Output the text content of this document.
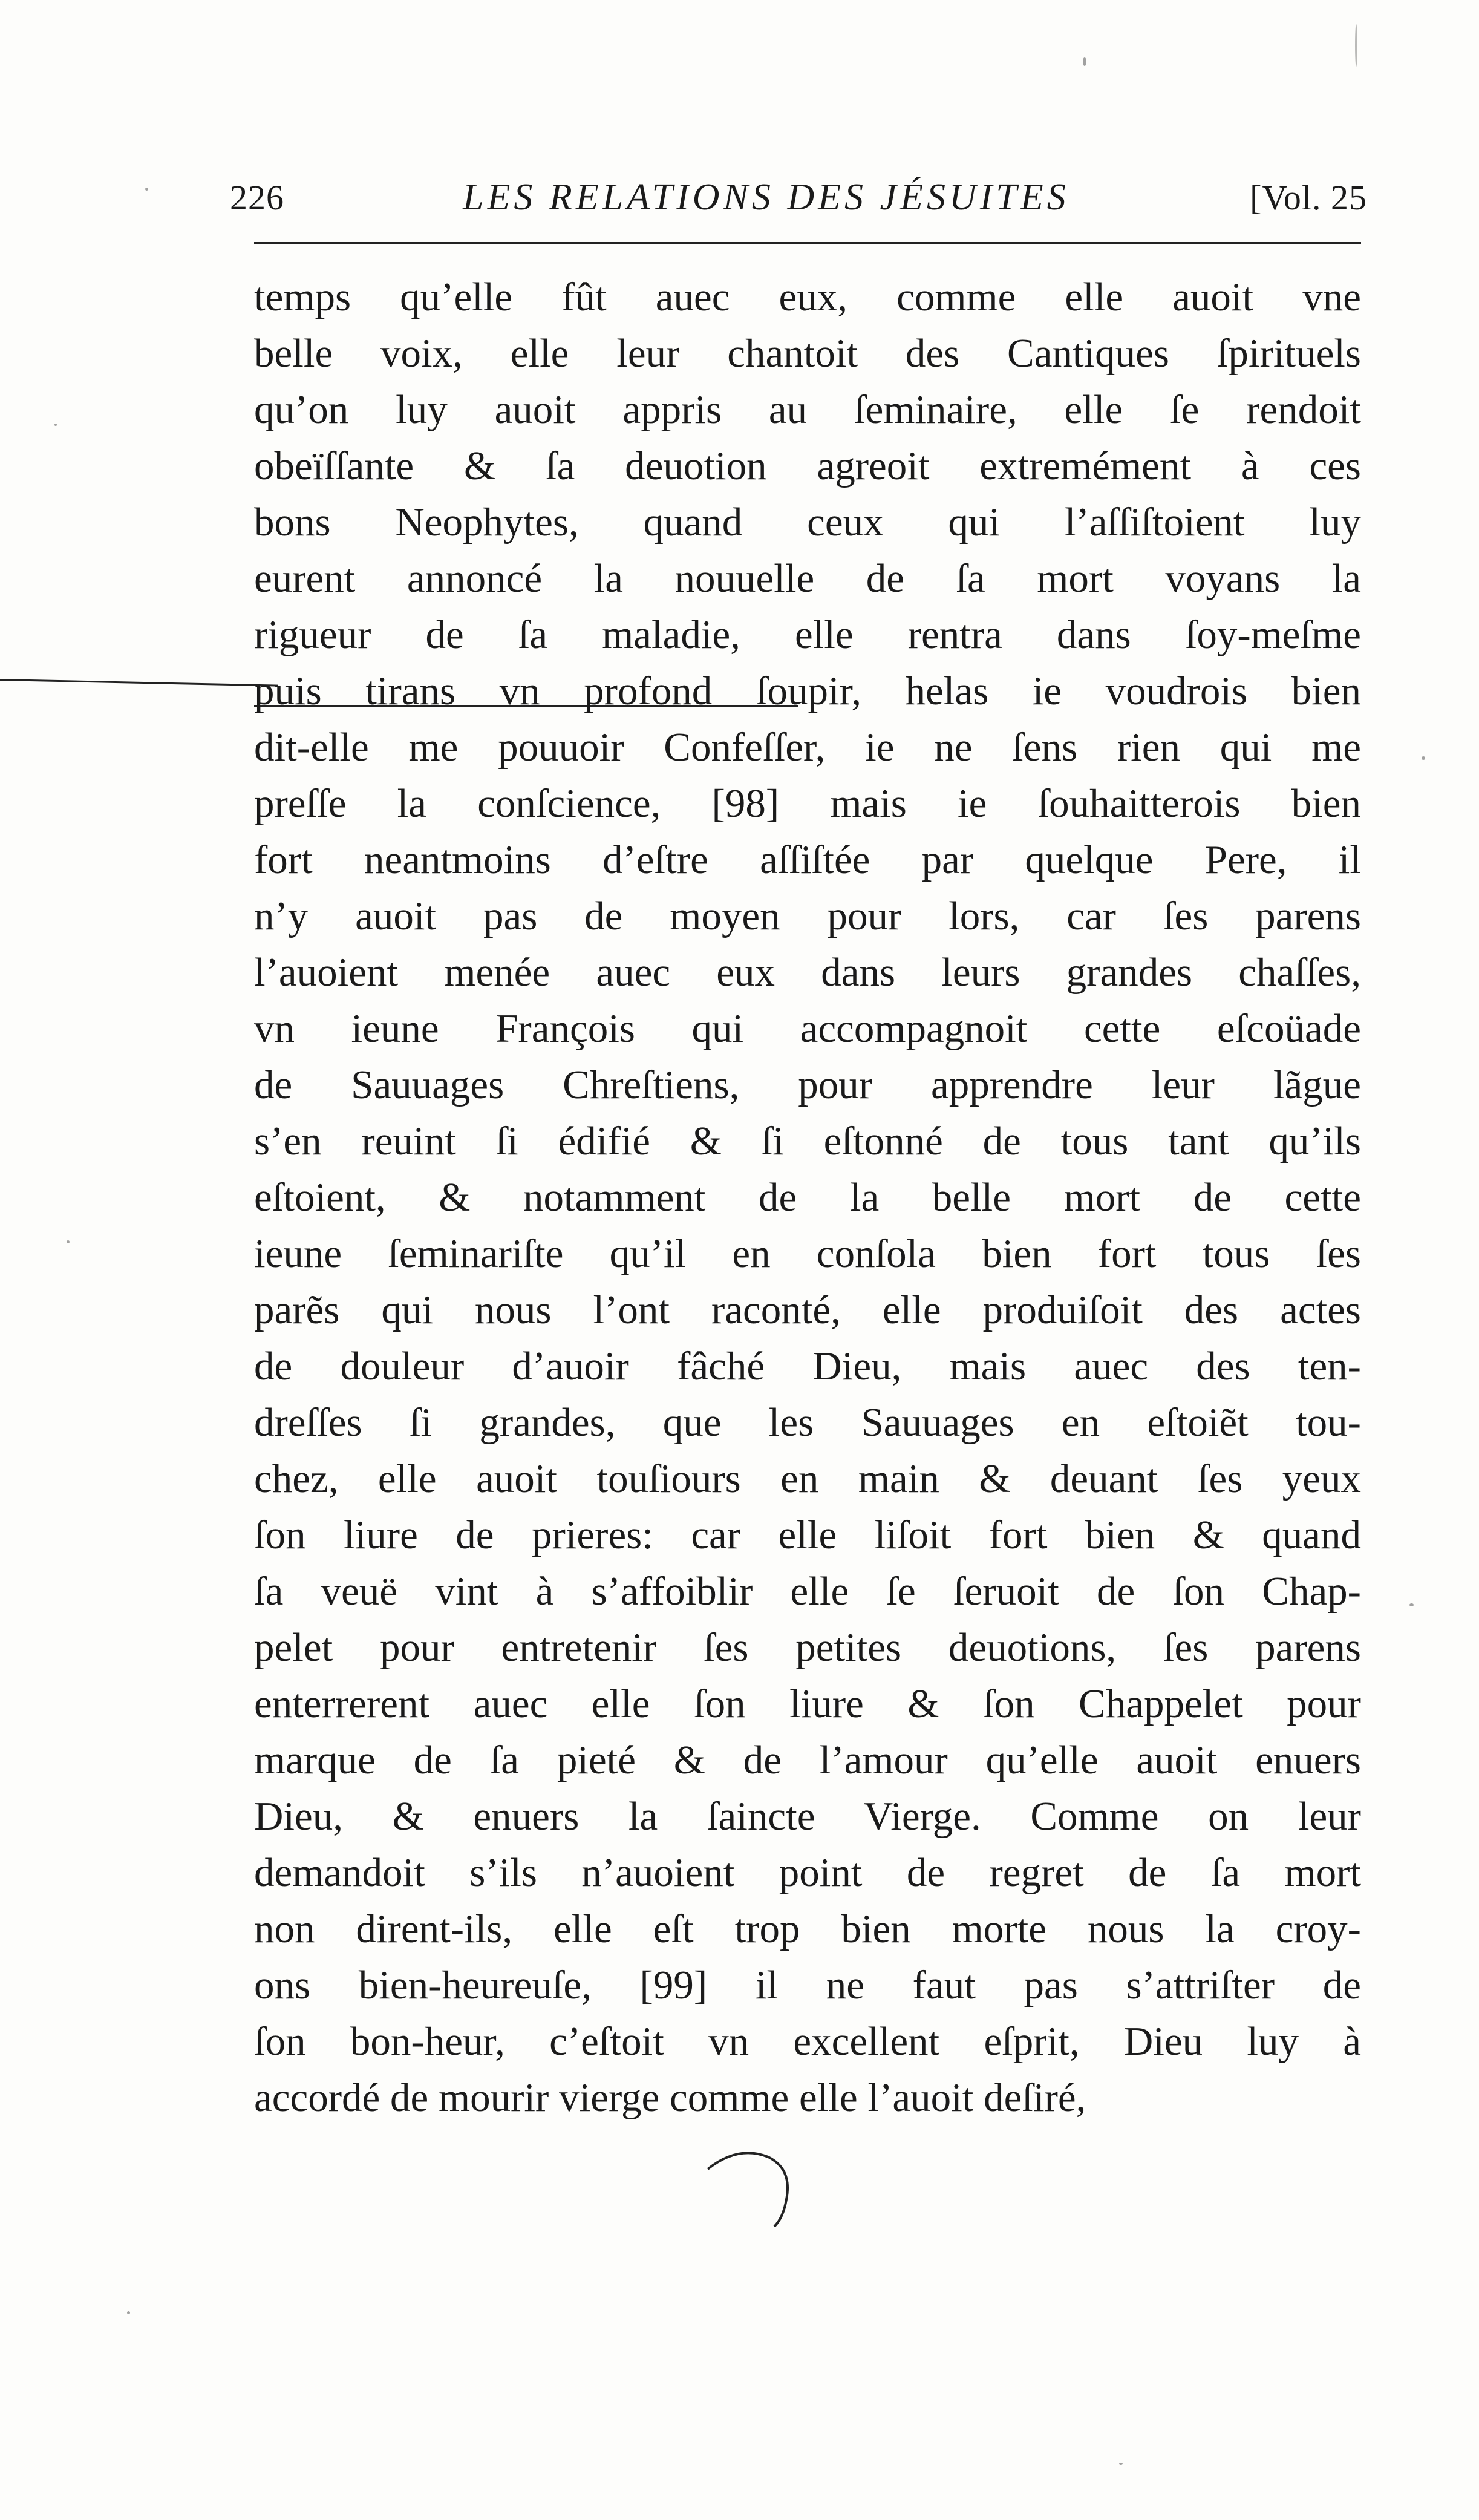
226	LES RELATIONS DES JÉSUITES	[Vol. 25
temps qu’elle fût auec eux, comme elle auoit vne
belle voix, elle leur chantoit des Cantiques ſpirituels
qu’on luy auoit appris au ſeminaire, elle ſe rendoit
obeïſſante & ſa deuotion agreoit extremément à ces
bons Neophytes, quand ceux qui l’aſſiſtoient luy
eurent annoncé la nouuelle de ſa mort voyans la
rigueur de ſa maladie, elle rentra dans ſoy-meſme
puis tirans vn profond ſoupir, helas ie voudrois bien
dit-elle me pouuoir Confeſſer, ie ne ſens rien qui me
preſſe la conſcience, [98] mais ie ſouhaitterois bien
fort neantmoins d’eſtre aſſiſtée par quelque Pere, il
n’y auoit pas de moyen pour lors, car ſes parens
l’auoient menée auec eux dans leurs grandes chaſſes,
vn ieune François qui accompagnoit cette eſcoüade
de Sauuages Chreſtiens, pour apprendre leur lãgue
s’en reuint ſi édifié & ſi eſtonné de tous tant qu’ils
eſtoient, & notamment de la belle mort de cette
ieune ſeminariſte qu’il en conſola bien fort tous ſes
parẽs qui nous l’ont raconté, elle produiſoit des actes
de douleur d’auoir fâché Dieu, mais auec des ten-
dreſſes ſi grandes, que les Sauuages en eſtoiẽt tou-
chez, elle auoit touſiours en main & deuant ſes yeux
ſon liure de prieres: car elle liſoit fort bien & quand
ſa veuë vint à s’affoiblir elle ſe ſeruoit de ſon Chap-
pelet pour entretenir ſes petites deuotions, ſes parens
enterrerent auec elle ſon liure & ſon Chappelet pour
marque de ſa pieté & de l’amour qu’elle auoit enuers
Dieu, & enuers la ſaincte Vierge. Comme on leur
demandoit s’ils n’auoient point de regret de ſa mort
non dirent-ils, elle eſt trop bien morte nous la croy-
ons bien-heureuſe, [99] il ne faut pas s’attriſter de
ſon bon-heur, c’eſtoit vn excellent eſprit, Dieu luy à
accordé de mourir vierge comme elle l’auoit deſiré,
